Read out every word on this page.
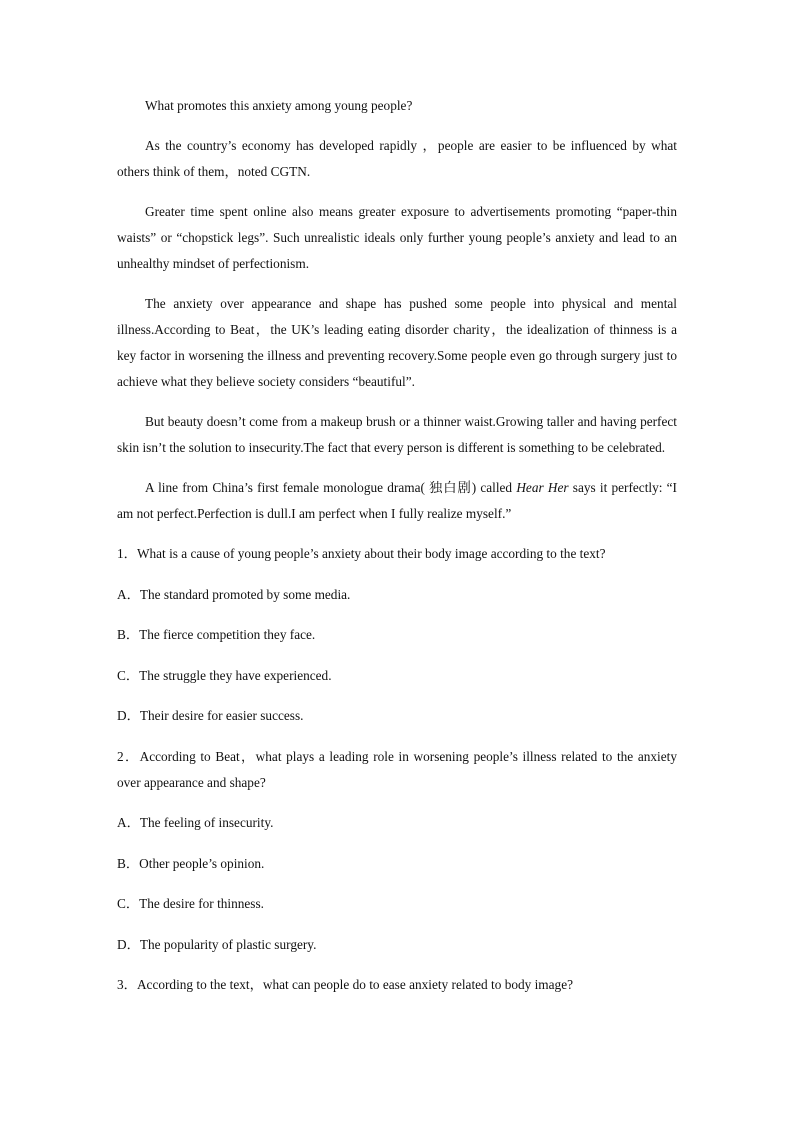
What promotes this anxiety among young people?

As the country’s economy has developed rapidly ，people are easier to be influenced by what others think of them，noted CGTN.

Greater time spent online also means greater exposure to advertisements promoting “paper-thin waists” or “chopstick legs”. Such unrealistic ideals only further young people’s anxiety and lead to an unhealthy mindset of perfectionism.

The anxiety over appearance and shape has pushed some people into physical and mental illness.According to Beat，the UK’s leading eating disorder charity，the idealization of thinness is a key factor in worsening the illness and preventing recovery.Some people even go through surgery just to achieve what they believe society considers “beautiful”.

But beauty doesn’t come from a makeup brush or a thinner waist.Growing taller and having perfect skin isn’t the solution to insecurity.The fact that every person is different is something to be celebrated.

A line from China’s first female monologue drama( 独白剧) called Hear Her says it perfectly: “I am not perfect.Perfection is dull.I am perfect when I fully realize myself.”

1．What is a cause of young people’s anxiety about their body image according to the text?

A．The standard promoted by some media.

B．The fierce competition they face.

C．The struggle they have experienced.

D．Their desire for easier success.

2．According to Beat，what plays a leading role in worsening people’s illness related to the anxiety over appearance and shape?

A．The feeling of insecurity.

B．Other people’s opinion.

C．The desire for thinness.

D．The popularity of plastic surgery.

3．According to the text，what can people do to ease anxiety related to body image?
